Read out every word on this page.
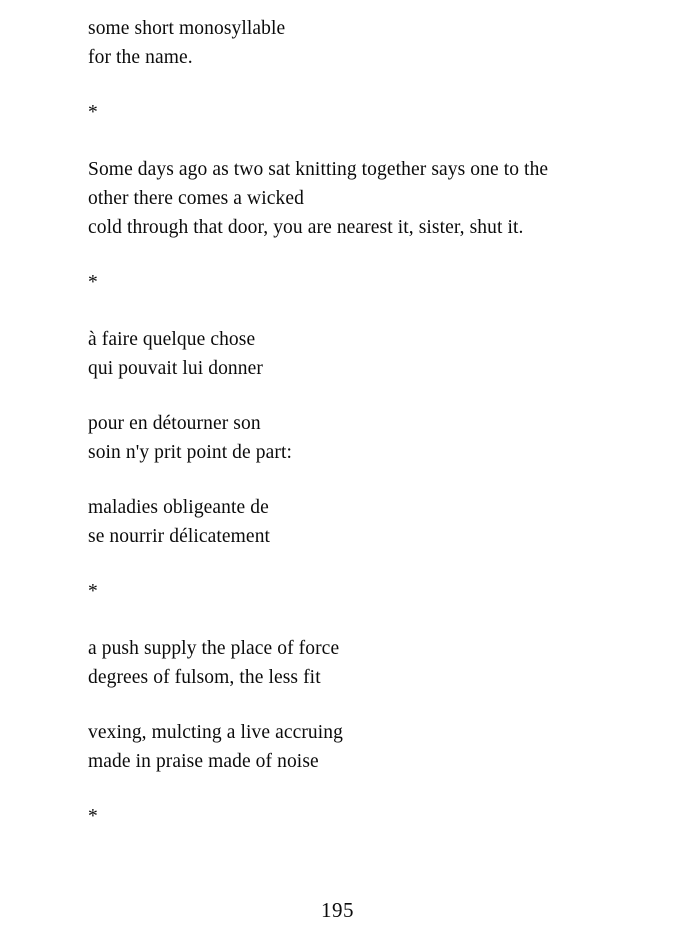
some short monosyllable
for the name.
*
Some days ago as two sat knitting together says one to the
other there comes a wicked
cold through that door, you are nearest it, sister, shut it.
*
à faire quelque chose
qui pouvait lui donner
pour en détourner son
soin n'y prit point de part:
maladies obligeante de
se nourrir délicatement
*
a push supply the place of force
degrees of fulsom, the less fit
vexing, mulcting a live accruing
made in praise made of noise
*
195
